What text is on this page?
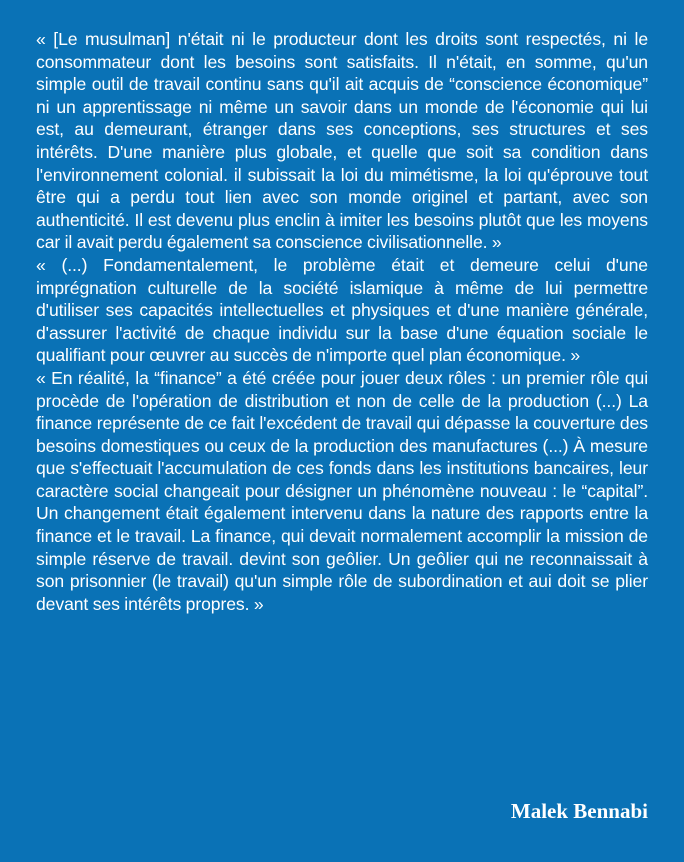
« [Le musulman] n'était ni le producteur dont les droits sont respectés, ni le consommateur dont les besoins sont satisfaits. Il n'était, en somme, qu'un simple outil de travail continu sans qu'il ait acquis de “conscience économique” ni un apprentissage ni même un savoir dans un monde de l'économie qui lui est, au demeurant, étranger dans ses conceptions, ses structures et ses intérêts. D'une manière plus globale, et quelle que soit sa condition dans l'environnement colonial. il subissait la loi du mimétisme, la loi qu'éprouve tout être qui a perdu tout lien avec son monde originel et partant, avec son authenticité. Il est devenu plus enclin à imiter les besoins plutôt que les moyens car il avait perdu également sa conscience civilisationnelle. »

« (...) Fondamentalement, le problème était et demeure celui d'une imprégnation culturelle de la société islamique à même de lui permettre d'utiliser ses capacités intellectuelles et physiques et d'une manière générale, d'assurer l'activité de chaque individu sur la base d'une équation sociale le qualifiant pour œuvrer au succès de n'importe quel plan économique. »

« En réalité, la “finance” a été créée pour jouer deux rôles : un premier rôle qui procède de l'opération de distribution et non de celle de la production (...) La finance représente de ce fait l'excédent de travail qui dépasse la couverture des besoins domestiques ou ceux de la production des manufactures (...) À mesure que s'effectuait l'accumulation de ces fonds dans les institutions bancaires, leur caractère social changeait pour désigner un phénomène nouveau : le “capital”. Un changement était également intervenu dans la nature des rapports entre la finance et le travail. La finance, qui devait normalement accomplir la mission de simple réserve de travail. devint son geôlier. Un geôlier qui ne reconnaissait à son prisonnier (le travail) qu'un simple rôle de subordination et aui doit se plier devant ses intérêts propres. »

Malek Bennabi
